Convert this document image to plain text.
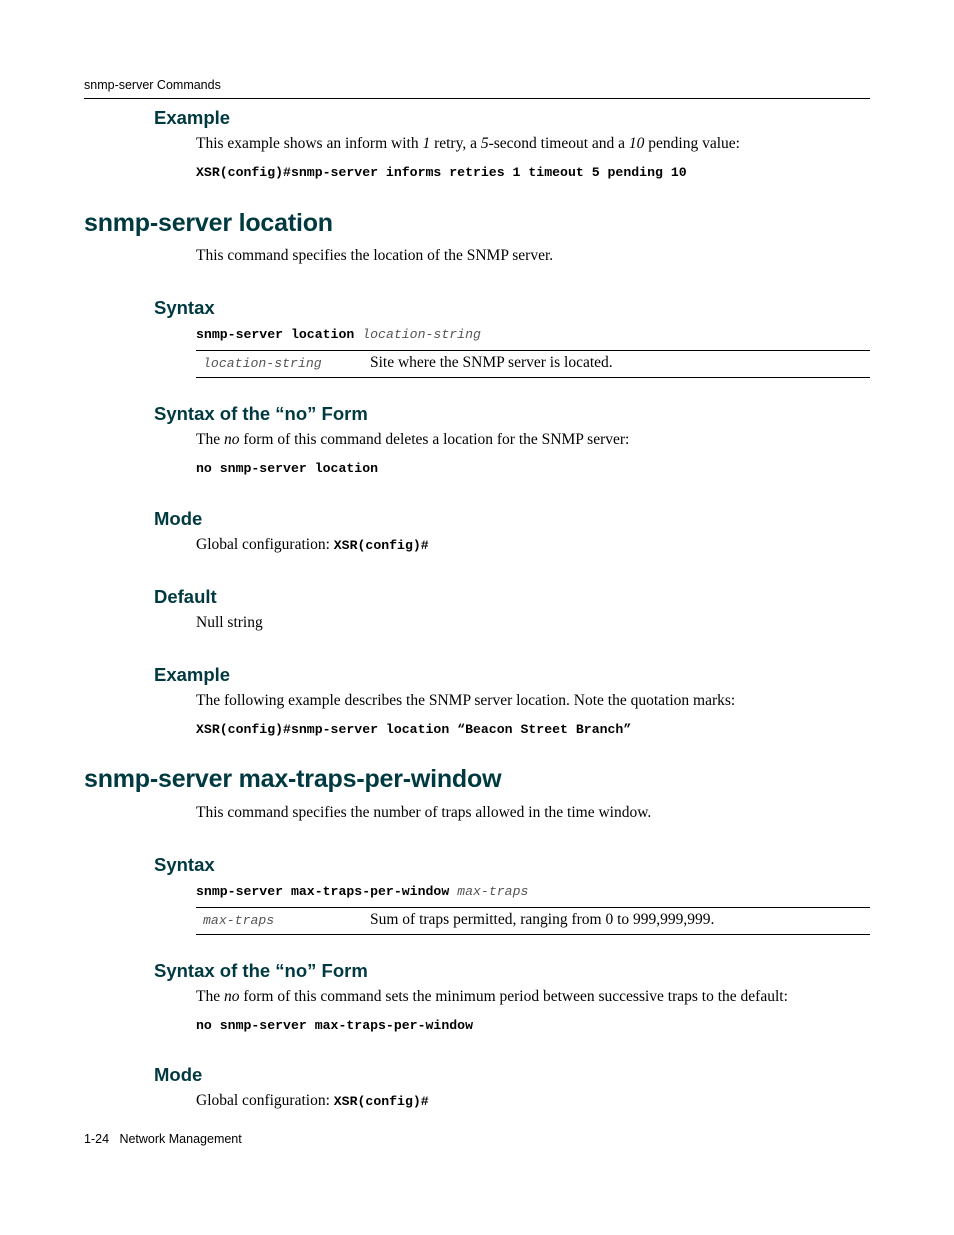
snmp-server Commands
Example

This example shows an inform with 1 retry, a 5-second timeout and a 10 pending value:

XSR(config)#snmp-server informs retries 1 timeout 5 pending 10
snmp-server location

This command specifies the location of the SNMP server.

Syntax
snmp-server location location-string
location-string	Site where the SNMP server is located.
Syntax of the “no” Form

The no form of this command deletes a location for the SNMP server:

no snmp-server location
Mode

Global configuration: XSR(config)#

Default

Null string

Example

The following example describes the SNMP server location. Note the quotation marks:

XSR(config)#snmp-server location “Beacon Street Branch”
snmp-server max-traps-per-window

This command specifies the number of traps allowed in the time window.

Syntax
snmp-server max-traps-per-window max-traps
max-traps	Sum of traps permitted, ranging from 0 to 999,999,999.
Syntax of the “no” Form

The no form of this command sets the minimum period between successive traps to the default:

no snmp-server max-traps-per-window
Mode

Global configuration: XSR(config)#

1-24 Network Management
